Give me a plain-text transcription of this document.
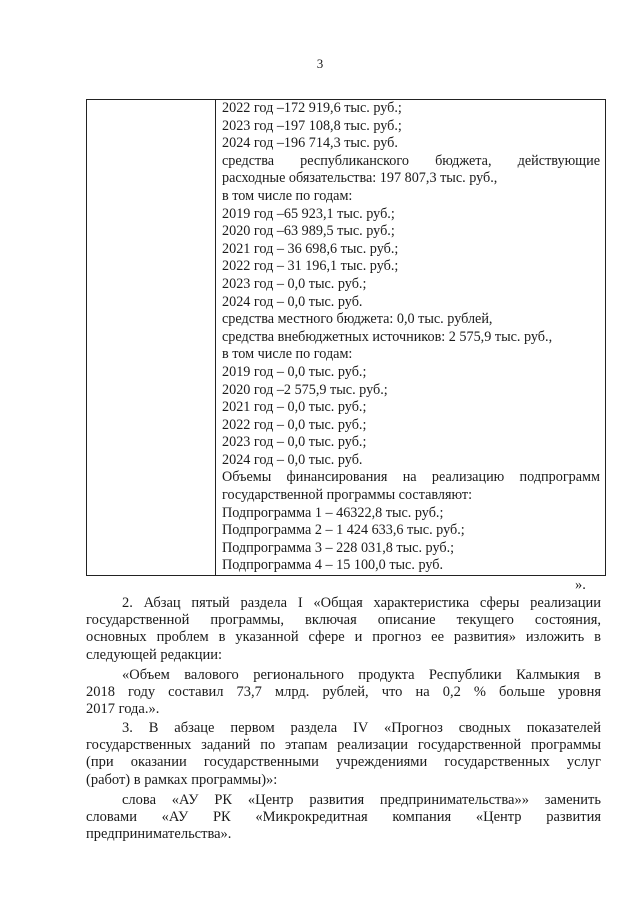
3
2022 год –172 919,6 тыс. руб.;
2023 год –197 108,8 тыс. руб.;
2024 год –196 714,3 тыс. руб.
средства республиканского бюджета, действующие
расходные обязательства: 197 807,3 тыс. руб.,
в том числе по годам:
2019 год –65 923,1 тыс. руб.;
2020 год –63 989,5 тыс. руб.;
2021 год – 36 698,6 тыс. руб.;
2022 год – 31 196,1 тыс. руб.;
2023 год – 0,0 тыс. руб.;
2024 год – 0,0 тыс. руб.
средства местного бюджета: 0,0 тыс. рублей,
средства внебюджетных источников: 2 575,9 тыс. руб.,
в том числе по годам:
2019 год – 0,0 тыс. руб.;
2020 год –2 575,9 тыс. руб.;
2021 год – 0,0 тыс. руб.;
2022 год – 0,0 тыс. руб.;
2023 год – 0,0 тыс. руб.;
2024 год – 0,0 тыс. руб.
Объемы финансирования на реализацию подпрограмм
государственной программы составляют:
Подпрограмма 1 – 46322,8 тыс. руб.;
Подпрограмма 2 – 1 424 633,6 тыс. руб.;
Подпрограмма 3 – 228 031,8 тыс. руб.;
Подпрограмма 4 – 15 100,0 тыс. руб.
».
2. Абзац пятый раздела I «Общая характеристика сферы реализации
государственной программы, включая описание текущего состояния,
основных проблем в указанной сфере и прогноз ее развития» изложить в
следующей редакции:
«Объем валового регионального продукта Республики Калмыкия в
2018 году составил 73,7 млрд. рублей, что на 0,2 % больше уровня
2017 года.».
3. В абзаце первом раздела IV «Прогноз сводных показателей
государственных заданий по этапам реализации государственной программы
(при оказании государственными учреждениями государственных услуг
(работ) в рамках программы)»:
слова «АУ РК «Центр развития предпринимательства»» заменить
словами «АУ РК «Микрокредитная компания «Центр развития
предпринимательства».
